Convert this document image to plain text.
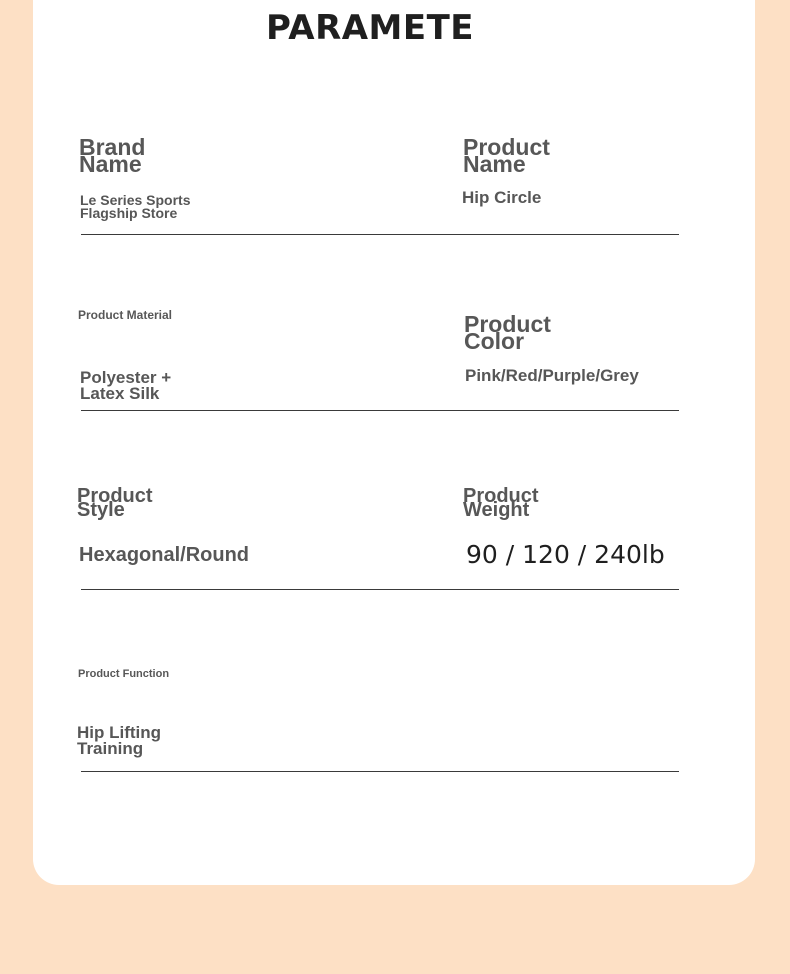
PARAMETE
Brand
Name
Le Series Sports
Flagship Store
Product
Name
Hip Circle
Product Material
Polyester +
Latex Silk
Product
Color
Pink/Red/Purple/Grey
Product
Style
Hexagonal/Round
Product
Weight
90 / 120 / 240lb
Product Function
Hip Lifting
Training
